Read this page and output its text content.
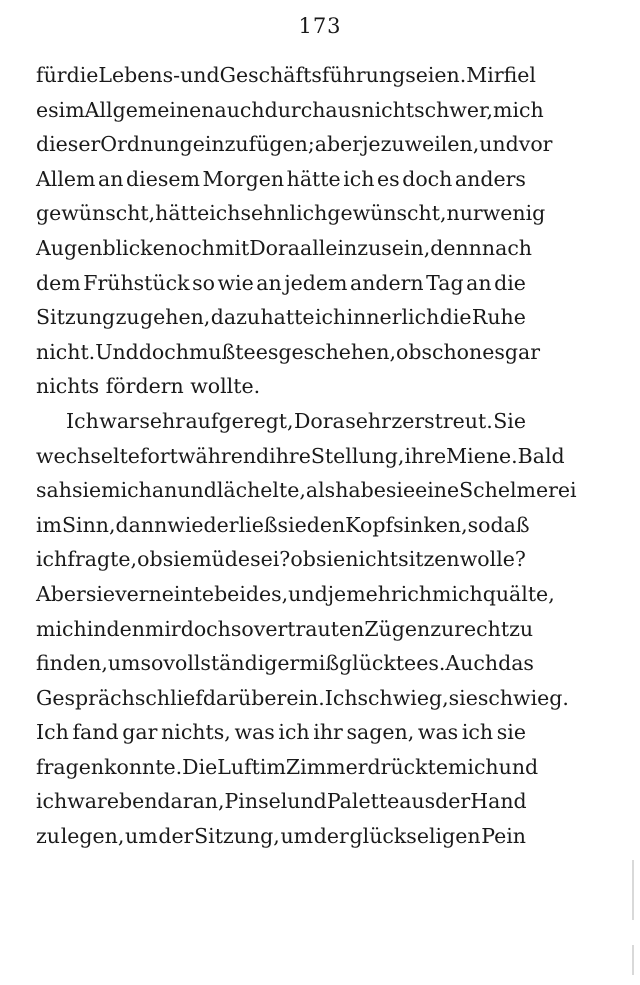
173
für die Lebens- und Geschäftsführung seien. Mir fiel
es im Allgemeinen auch durchaus nicht schwer, mich
dieser Ordnung einzufügen; aber jezuweilen, und vor
Allem an diesem Morgen hätte ich es doch anders
gewünscht, hätte ich sehnlich gewünscht, nur wenig
Augenblicke noch mit Dora allein zu sein, denn nach
dem Frühstück so wie an jedem andern Tag an die
Sitzung zu gehen, dazu hatte ich innerlich die Ruhe
nicht. Und doch mußte es geschehen, obschon es gar
nichts fördern wollte.
Ich war sehr aufgeregt, Dora sehr zerstreut. Sie
wechselte fortwährend ihre Stellung, ihre Miene. Bald
sah sie mich an und lächelte, als habe sie eine Schelmerei
im Sinn, dann wieder ließ sie den Kopf sinken, so daß
ich fragte, ob sie müde sei? ob sie nicht sitzen wolle?
Aber sie verneinte beides, und je mehr ich mich quälte,
mich in den mir doch so vertrauten Zügen zurecht zu
finden, um so vollständiger mißglückte es. Auch das
Gespräch schlief darüber ein. Ich schwieg, sie schwieg.
Ich fand gar nichts, was ich ihr sagen, was ich sie
fragen konnte. Die Luft im Zimmer drückte mich und
ich war eben daran, Pinsel und Palette aus der Hand
zu legen, um der Sitzung, um der glückseligen Pein
